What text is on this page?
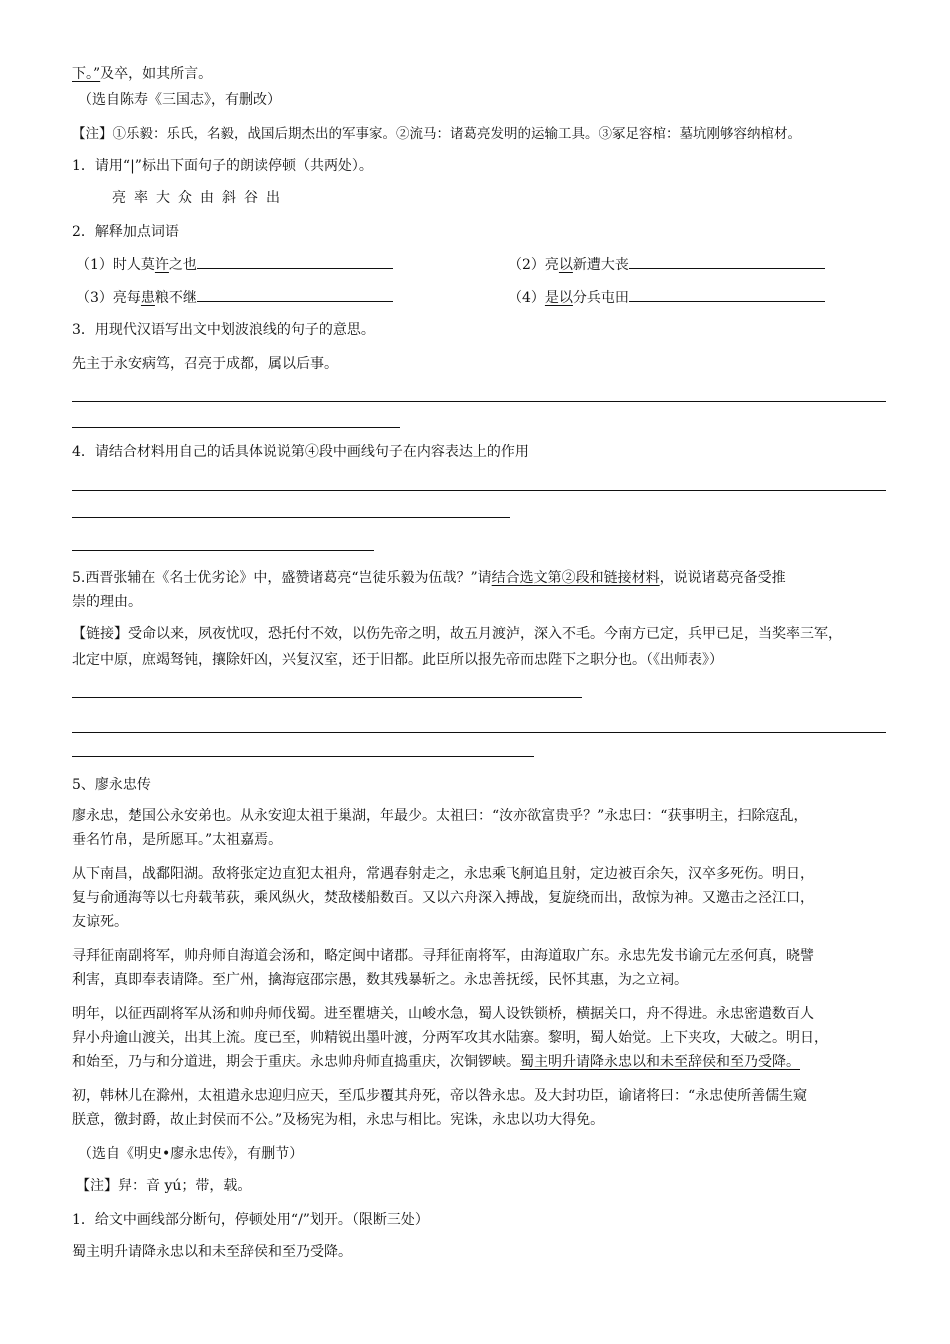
下。”及卒，如其所言。
（选自陈寿《三国志》，有删改）
【注】①乐毅：乐氏，名毅，战国后期杰出的军事家。②流马：诸葛亮发明的运输工具。③冢足容棺：墓坑刚够容纳棺材。
1．请用“|”标出下面句子的朗读停顿（共两处）。
亮率大众由斜谷出
2．解释加点词语
（1）时人莫许之也	（2）亮以新遭大丧
（3）亮每患粮不继	（4）是以分兵屯田
3．用现代汉语写出文中划波浪线的句子的意思。
先主于永安病笃，召亮于成都，属以后事。
4．请结合材料用自己的话具体说说第④段中画线句子在内容表达上的作用
5.西晋张辅在《名士优劣论》中，盛赞诸葛亮“岂徒乐毅为伍哉？”请结合选文第②段和链接材料，说说诸葛亮备受推
崇的理由。
【链接】受命以来，夙夜忧叹，恐托付不效，以伤先帝之明，故五月渡泸，深入不毛。今南方已定，兵甲已足，当奖率三军，
北定中原，庶竭驽钝，攘除奸凶，兴复汉室，还于旧都。此臣所以报先帝而忠陛下之职分也。（《出师表》）
5、廖永忠传
廖永忠，楚国公永安弟也。从永安迎太祖于巢湖，年最少。太祖曰：“汝亦欲富贵乎？”永忠曰：“获事明主，扫除寇乱，
垂名竹帛，是所愿耳。”太祖嘉焉。
从下南昌，战鄱阳湖。敌将张定边直犯太祖舟，常遇春射走之，永忠乘飞舸追且射，定边被百余矢，汉卒多死伤。明日，
复与俞通海等以七舟载苇荻，乘风纵火，焚敌楼船数百。又以六舟深入搏战，复旋绕而出，敌惊为神。又邀击之泾江口，
友谅死。
寻拜征南副将军，帅舟师自海道会汤和，略定闽中诸郡。寻拜征南将军，由海道取广东。永忠先发书谕元左丞何真，晓譬
利害，真即奉表请降。至广州，擒海寇邵宗愚，数其残暴斩之。永忠善抚绥，民怀其惠，为之立祠。
明年，以征西副将军从汤和帅舟师伐蜀。进至瞿塘关，山峻水急，蜀人设铁锁桥，横据关口，舟不得进。永忠密遣数百人
舁小舟逾山渡关，出其上流。度已至，帅精锐出墨叶渡，分两军攻其水陆寨。黎明，蜀人始觉。上下夹攻，大破之。明日，
和始至，乃与和分道进，期会于重庆。永忠帅舟师直捣重庆，次铜锣峡。蜀主明升请降永忠以和未至辞侯和至乃受降。
初，韩林儿在滁州，太祖遣永忠迎归应天，至瓜步覆其舟死，帝以咎永忠。及大封功臣，谕诸将曰：“永忠使所善儒生窥
朕意，徼封爵，故止封侯而不公。”及杨宪为相，永忠与相比。宪诛，永忠以功大得免。
（选自《明史•廖永忠传》，有删节）
【注】舁：音 yú；带，载。
1．给文中画线部分断句，停顿处用“/”划开。（限断三处）
蜀主明升请降永忠以和未至辞侯和至乃受降。
